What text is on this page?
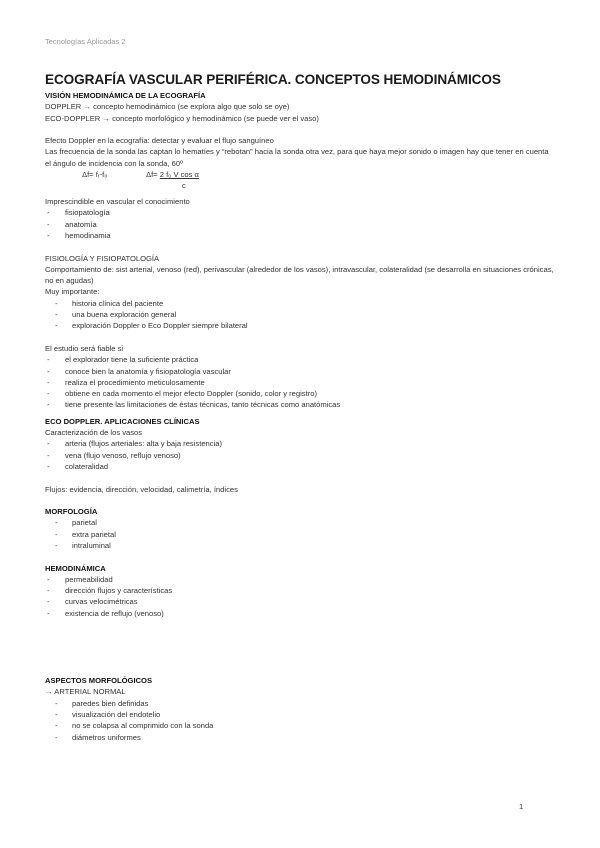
Tecnologías Aplicadas 2
ECOGRAFÍA VASCULAR PERIFÉRICA. CONCEPTOS HEMODINÁMICOS
VISIÓN HEMODINÁMICA DE LA ECOGRAFÍA
DOPPLER → concepto hemodinámico (se explora algo que solo se oye)
ECO-DOPPLER → concepto morfológico y hemodinámico (se puede ver el vaso)
Efecto Doppler en la ecografía: detectar y evaluar el flujo sanguíneo
Las frecuencia de la sonda las captan lo hematíes y “rebotan” hacia la sonda otra vez, para que haya mejor sonido o imagen hay que tener en cuenta el ángulo de incidencia con la sonda, 60º
Δf= fᵣ-f₀	Δf= 2 f₀ V cos α
c
Imprescindible en vascular el conocimiento
- fisiopatología
- anatomía
- hemodinamia
FISIOLOGÍA Y FISIOPATOLOGÍA
Comportamiento de: sist arterial, venoso (red), perivascular (alrededor de los vasos), intravascular, colateralidad (se desarrolla en situaciones crónicas, no en agudas)
Muy importante:
- historia clínica del paciente
- una buena exploración general
- exploración Doppler o Eco Doppler siempre bilateral
El estudio será fiable si
- el explorador tiene la suficiente práctica
- conoce bien la anatomía y fisiopatología vascular
- realiza el procedimiento meticulosamente
- obtiene en cada momento el mejor efecto Doppler (sonido, color y registro)
- tiene presente las limitaciones de éstas técnicas, tanto técnicas como anatómicas
ECO DOPPLER. APLICACIONES CLÍNICAS
Caracterización de los vasos
- arteria (flujos arteriales: alta y baja resistencia)
- vena (flujo venoso, reflujo venoso)
- colateralidad
Flujos: evidencia, dirección, velocidad, calimetría, índices
MORFOLOGÍA
- parietal
- extra parietal
- intraluminal
HEMODINÁMICA
- permeabilidad
- dirección flujos y características
- curvas velocimétricas
- existencia de reflujo (venoso)
ASPECTOS MORFOLÓGICOS
→ ARTERIAL NORMAL
- paredes bien definidas
- visualización del endotelio
- no se colapsa al comprimido con la sonda
- diámetros uniformes
1
